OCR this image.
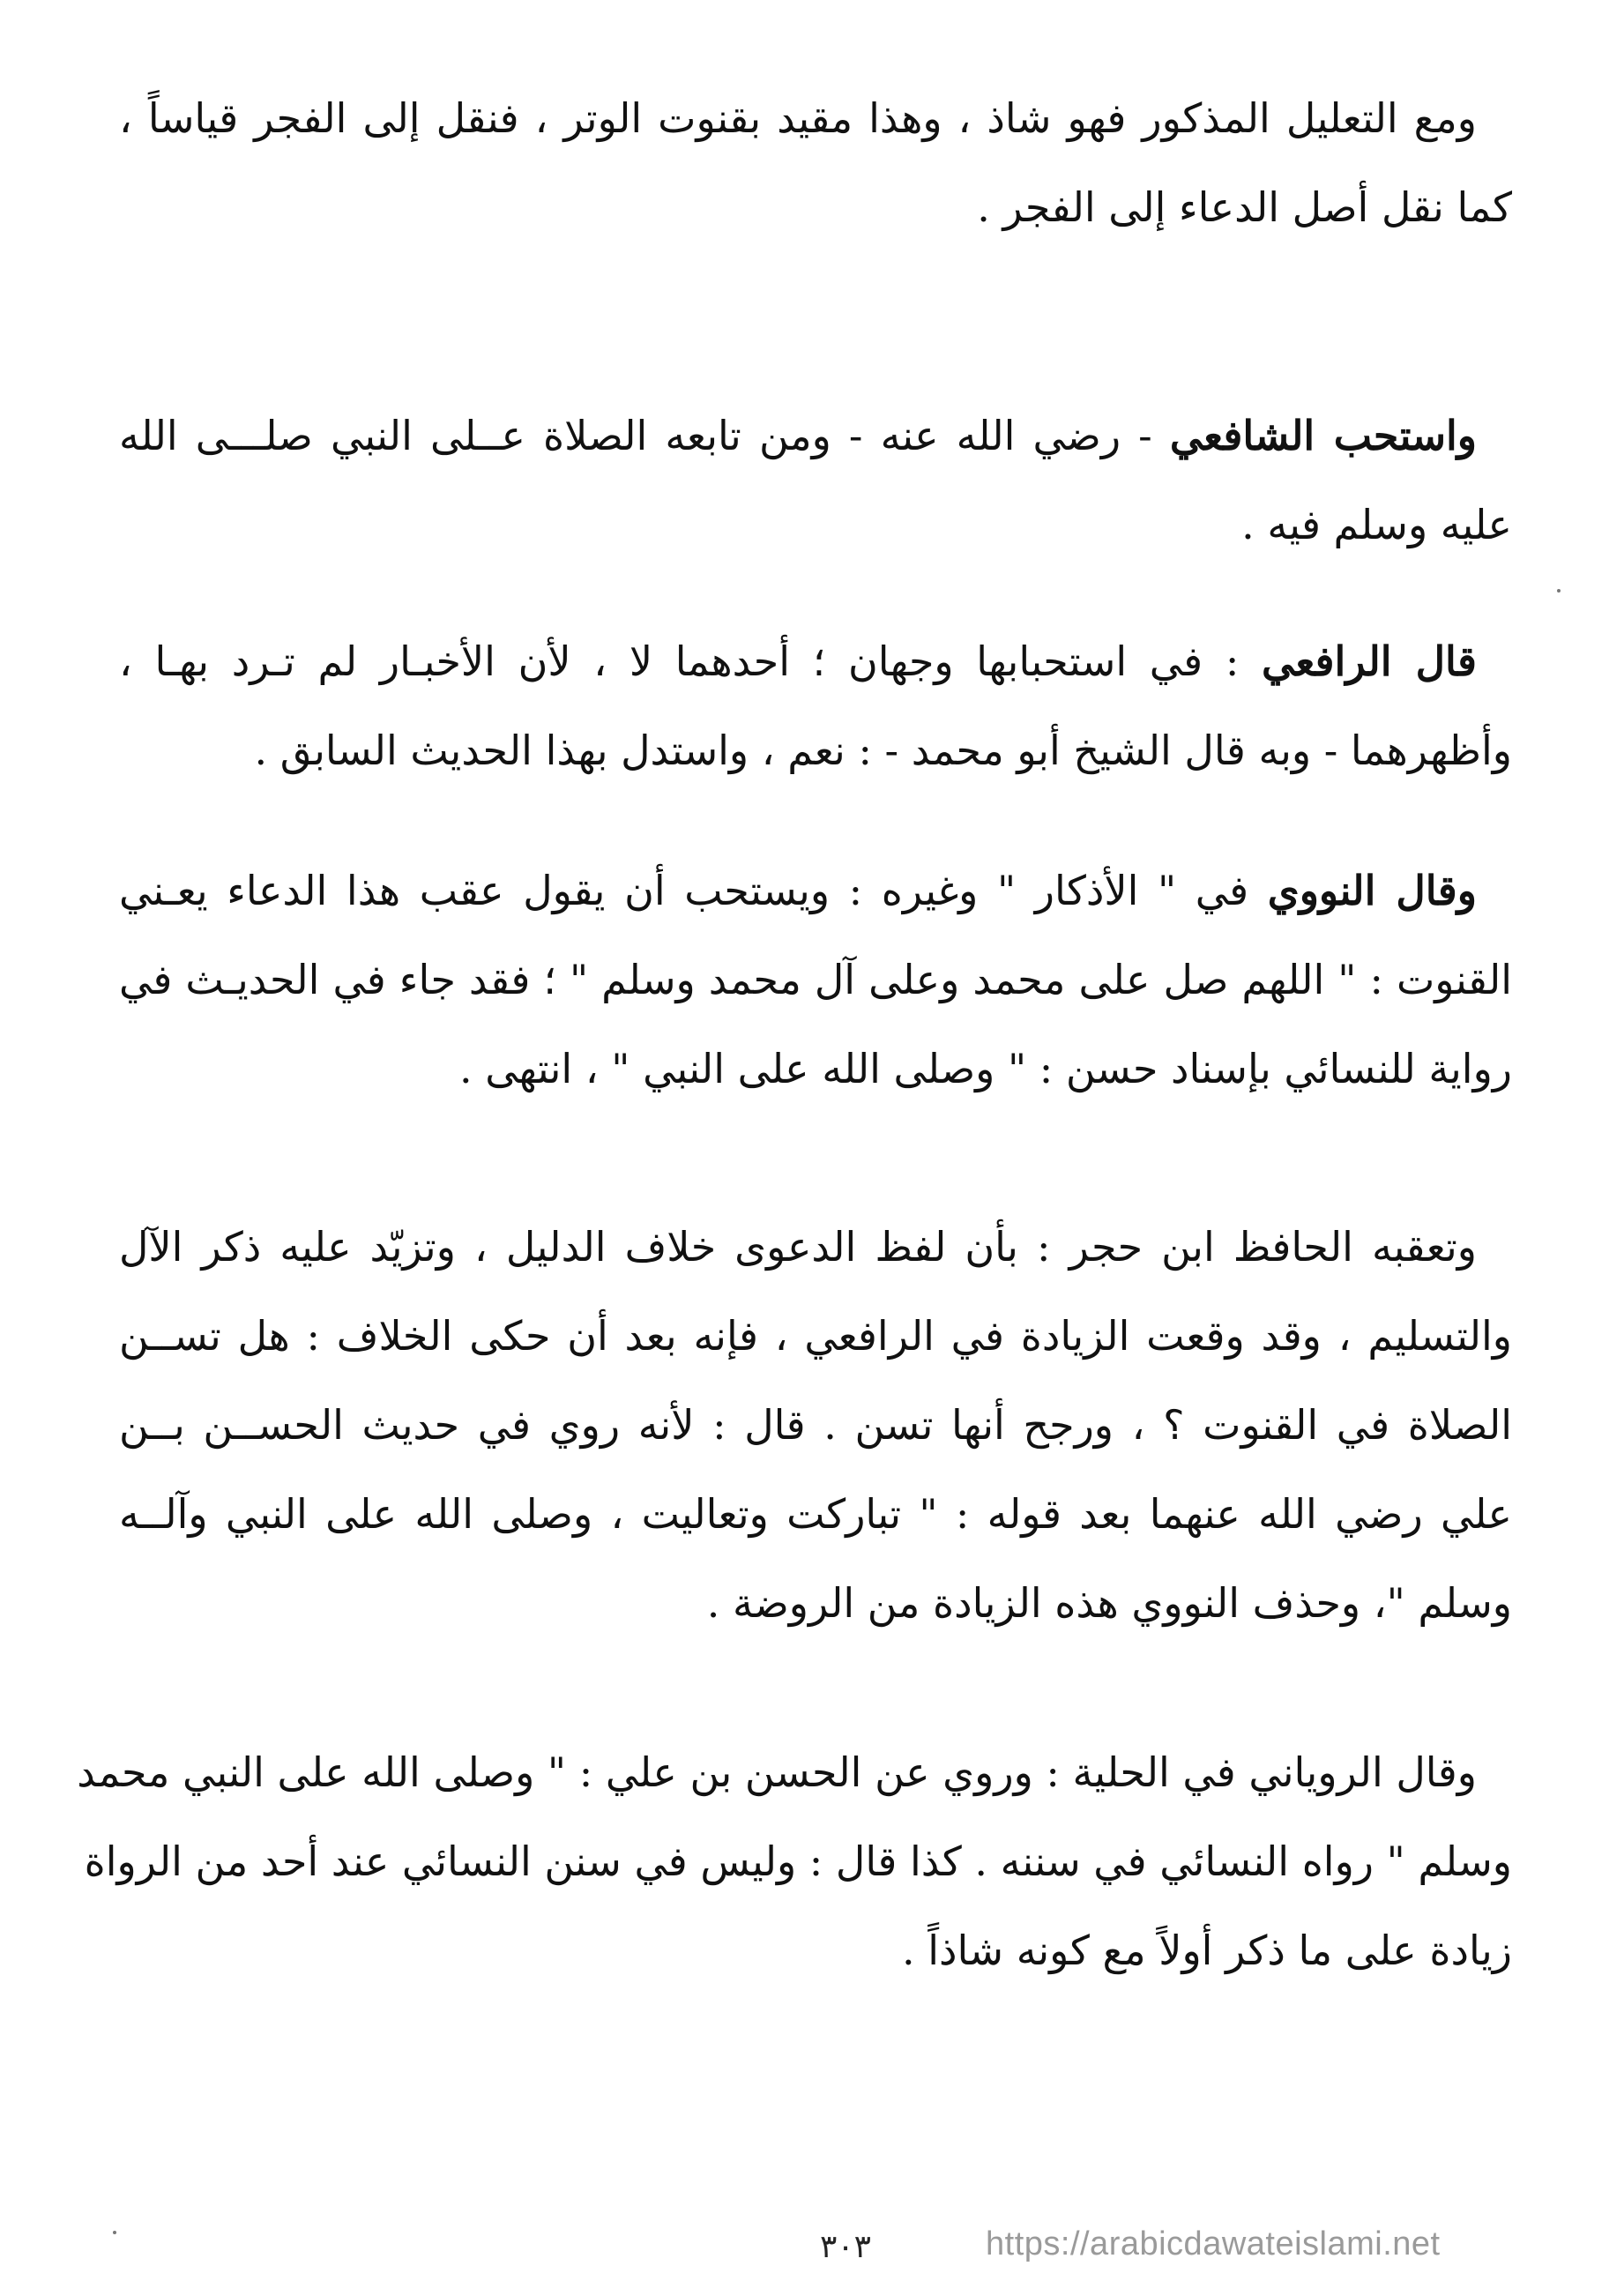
ومع التعليل المذكور فهو شاذ ، وهذا مقيد بقنوت الوتر ، فنقل إلى الفجر قياساً ،
كما نقل أصل الدعاء إلى الفجر .
واستحب الشافعي - رضي الله عنه - ومن تابعه الصلاة عــلى النبي صلـــى الله
عليه وسلم فيه .
قال الرافعي : في استحبابها وجهان ؛ أحدهما لا ، لأن الأخبـار لم تـرد بهـا ،
وأظهرهما - وبه قال الشيخ أبو محمد - : نعم ، واستدل بهذا الحديث السابق .
وقال النووي في " الأذكار " وغيره : ويستحب أن يقول عقب هذا الدعاء يعـني
القنوت : " اللهم صل على محمد وعلى آل محمد وسلم " ؛ فقد جاء في الحديـث في
رواية للنسائي بإسناد حسن : " وصلى الله على النبي " ، انتهى .
وتعقبه الحافظ ابن حجر : بأن لفظ الدعوى خلاف الدليل ، وتزيّد عليه ذكر الآل
والتسليم ، وقد وقعت الزيادة في الرافعي ، فإنه بعد أن حكى الخلاف : هل تســن
الصلاة في القنوت ؟ ، ورجح أنها تسن . قال : لأنه روي في حديث الحســن بــن
علي رضي الله عنهما بعد قوله : " تباركت وتعاليت ، وصلى الله على النبي وآلــه
وسلم "، وحذف النووي هذه الزيادة من الروضة .
وقال الروياني في الحلية : وروي عن الحسن بن علي : " وصلى الله على النبي محمد
وسلم " رواه النسائي في سننه . كذا قال : وليس في سنن النسائي عند أحد من الرواة
زيادة على ما ذكر أولاً مع كونه شاذاً .
٣٠٣	https://arabicdawateislami.net
